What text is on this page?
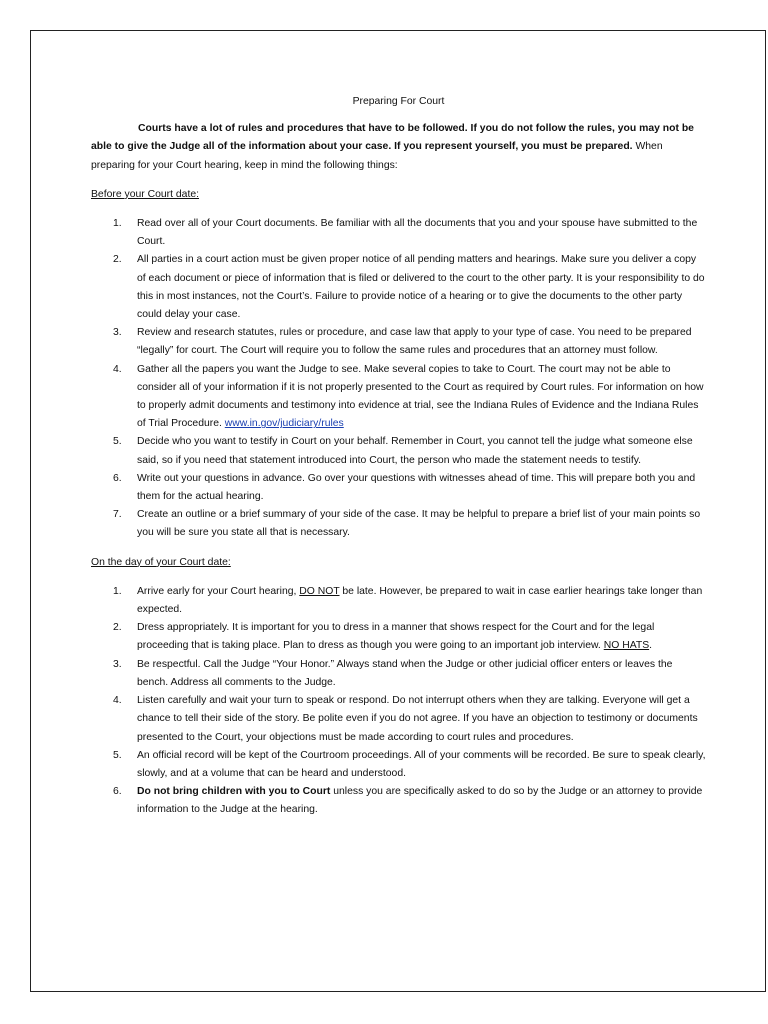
Preparing For Court

Courts have a lot of rules and procedures that have to be followed. If you do not follow the rules, you may not be able to give the Judge all of the information about your case. If you represent yourself, you must be prepared. When preparing for your Court hearing, keep in mind the following things:

Before your Court date:
1. Read over all of your Court documents. Be familiar with all the documents that you and your spouse have submitted to the Court.
2. All parties in a court action must be given proper notice of all pending matters and hearings. Make sure you deliver a copy of each document or piece of information that is filed or delivered to the court to the other party. It is your responsibility to do this in most instances, not the Court’s. Failure to provide notice of a hearing or to give the documents to the other party could delay your case.
3. Review and research statutes, rules or procedure, and case law that apply to your type of case. You need to be prepared “legally” for court. The Court will require you to follow the same rules and procedures that an attorney must follow.
4. Gather all the papers you want the Judge to see. Make several copies to take to Court. The court may not be able to consider all of your information if it is not properly presented to the Court as required by Court rules. For information on how to properly admit documents and testimony into evidence at trial, see the Indiana Rules of Evidence and the Indiana Rules of Trial Procedure. www.in.gov/judiciary/rules
5. Decide who you want to testify in Court on your behalf. Remember in Court, you cannot tell the judge what someone else said, so if you need that statement introduced into Court, the person who made the statement needs to testify.
6. Write out your questions in advance. Go over your questions with witnesses ahead of time. This will prepare both you and them for the actual hearing.
7. Create an outline or a brief summary of your side of the case. It may be helpful to prepare a brief list of your main points so you will be sure you state all that is necessary.
On the day of your Court date:
1. Arrive early for your Court hearing, DO NOT be late. However, be prepared to wait in case earlier hearings take longer than expected.
2. Dress appropriately. It is important for you to dress in a manner that shows respect for the Court and for the legal proceeding that is taking place. Plan to dress as though you were going to an important job interview. NO HATS.
3. Be respectful. Call the Judge “Your Honor.” Always stand when the Judge or other judicial officer enters or leaves the bench. Address all comments to the Judge.
4. Listen carefully and wait your turn to speak or respond. Do not interrupt others when they are talking. Everyone will get a chance to tell their side of the story. Be polite even if you do not agree. If you have an objection to testimony or documents presented to the Court, your objections must be made according to court rules and procedures.
5. An official record will be kept of the Courtroom proceedings. All of your comments will be recorded. Be sure to speak clearly, slowly, and at a volume that can be heard and understood.
6. Do not bring children with you to Court unless you are specifically asked to do so by the Judge or an attorney to provide information to the Judge at the hearing.
